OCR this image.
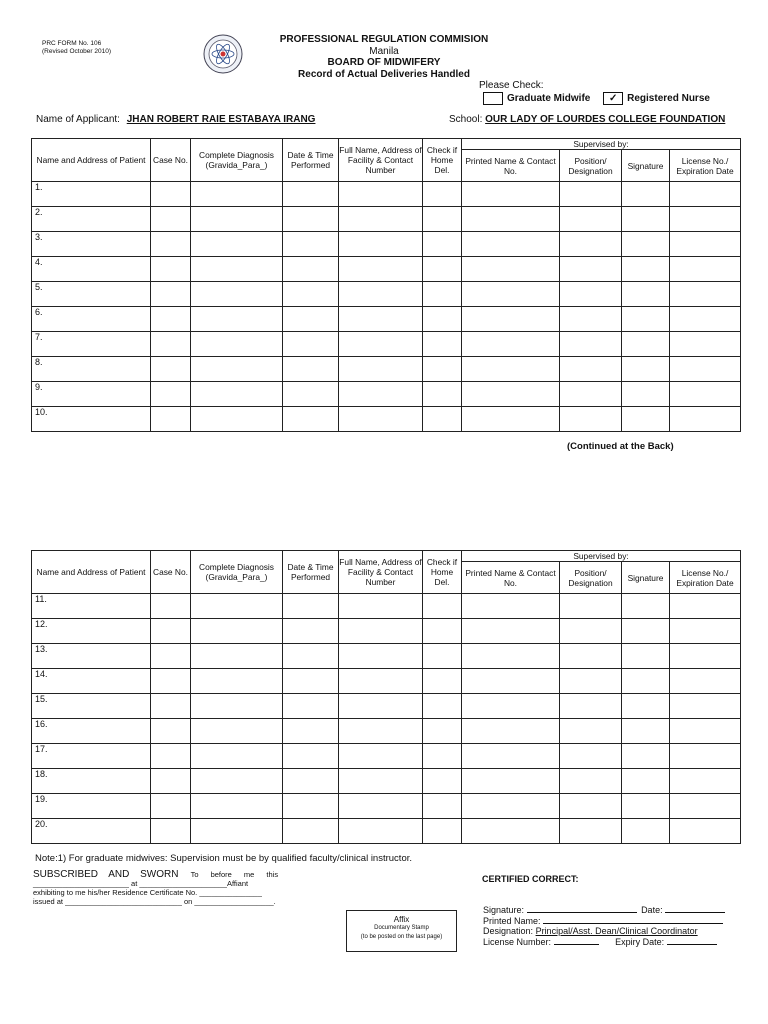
PRC FORM No. 106
(Revised October 2010)
PROFESSIONAL REGULATION COMMISION
Manila
BOARD OF MIDWIFERY
Record of Actual Deliveries Handled
Please Check:
Graduate Midwife ✓ Registered Nurse
Name of Applicant: JHAN ROBERT RAIE ESTABAYA IRANG	School: OUR LADY OF LOURDES COLLEGE FOUNDATION
Name and Address of Patient	Case No.	Complete Diagnosis (Gravida_Para_)	Date & Time Performed	Full Name, Address of Facility & Contact Number	Check if Home Del.	Supervised by:			
						Printed Name & Contact No.	Position/ Designation	Signature	License No./ Expiration Date
1.									
2.									
3.									
4.									
5.									
6.									
7.									
8.									
9.									
10.									
(Continued at the Back)
Name and Address of Patient	Case No.	Complete Diagnosis (Gravida_Para_)	Date & Time Performed	Full Name, Address of Facility & Contact Number	Check if Home Del.	Supervised by:			
						Printed Name & Contact No.	Position/ Designation	Signature	License No./ Expiration Date
11.									
12.									
13.									
14.									
15.									
16.									
17.									
18.									
19.									
20.									
Note:1) For graduate midwives: Supervision must be by qualified faculty/clinical instructor.
SUBSCRIBED AND SWORN To before me this
_______________________ at _____________________Affiant
exhibiting to me his/her Residence Certificate No. _______________
issued at ____________________________ on ___________________.
Affix
Documentary Stamp
(to be posted on the last page)
CERTIFIED CORRECT:
Signature:	Date:
Printed Name:
Designation: Principal/Asst. Dean/Clinical Coordinator
License Number:	Expiry Date:
